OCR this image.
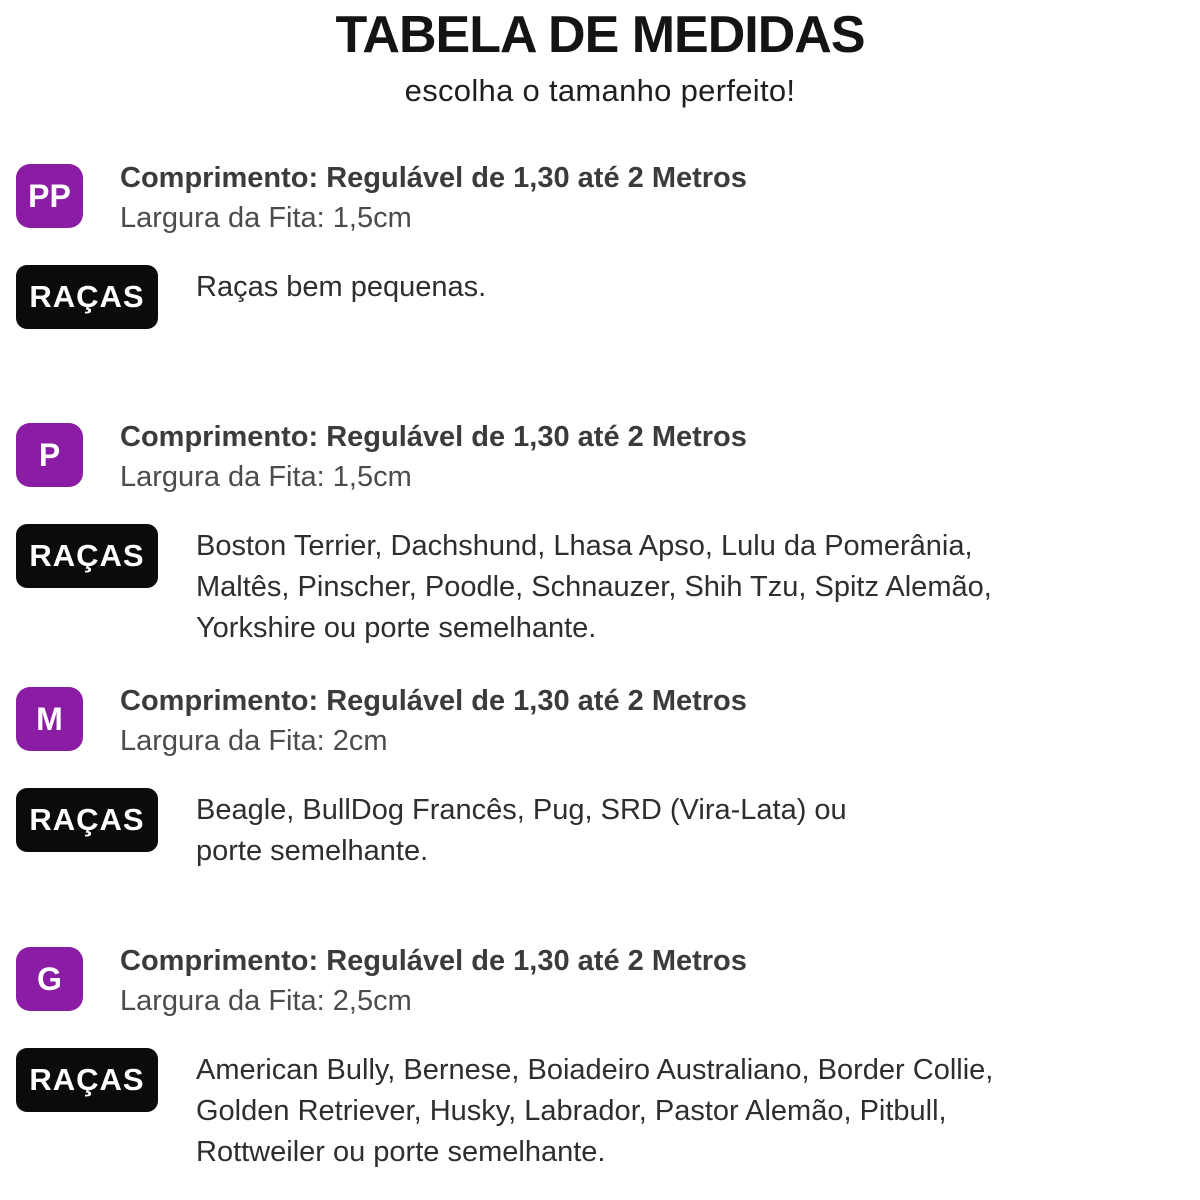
TABELA DE MEDIDAS
escolha o tamanho perfeito!
PP	Comprimento: Regulável de 1,30 até 2 Metros
Largura da Fita: 1,5cm
RAÇAS	Raças bem pequenas.
P	Comprimento: Regulável de 1,30 até 2 Metros
Largura da Fita: 1,5cm
RAÇAS	Boston Terrier, Dachshund, Lhasa Apso, Lulu da Pomerânia,
Maltês, Pinscher, Poodle, Schnauzer, Shih Tzu, Spitz Alemão,
Yorkshire ou porte semelhante.
M	Comprimento: Regulável de 1,30 até 2 Metros
Largura da Fita: 2cm
RAÇAS	Beagle, BullDog Francês, Pug, SRD (Vira-Lata) ou
porte semelhante.
G	Comprimento: Regulável de 1,30 até 2 Metros
Largura da Fita: 2,5cm
RAÇAS	American Bully, Bernese, Boiadeiro Australiano, Border Collie,
Golden Retriever, Husky, Labrador, Pastor Alemão, Pitbull,
Rottweiler ou porte semelhante.
